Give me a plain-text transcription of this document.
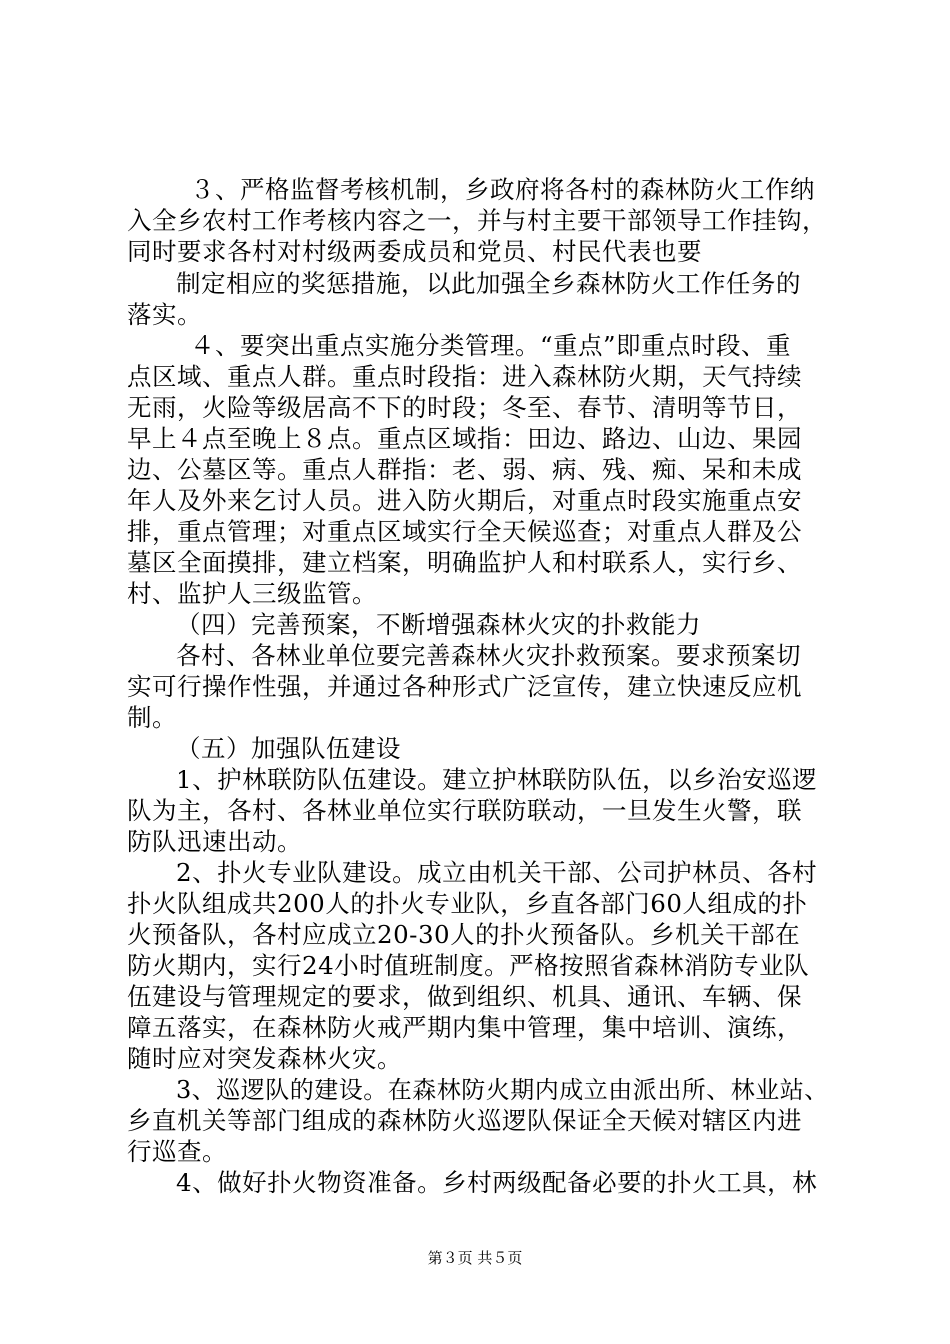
３、严格监督考核机制，乡政府将各村的森林防火工作纳
入全乡农村工作考核内容之一，并与村主要干部领导工作挂钩，
同时要求各村对村级两委成员和党员、村民代表也要
制定相应的奖惩措施，以此加强全乡森林防火工作任务的
落实。
４、要突出重点实施分类管理。“重点”即重点时段、重
点区域、重点人群。重点时段指：进入森林防火期，天气持续
无雨，火险等级居高不下的时段；冬至、春节、清明等节日，
早上４点至晚上８点。重点区域指：田边、路边、山边、果园
边、公墓区等。重点人群指：老、弱、病、残、痴、呆和未成
年人及外来乞讨人员。进入防火期后，对重点时段实施重点安
排，重点管理；对重点区域实行全天候巡查；对重点人群及公
墓区全面摸排，建立档案，明确监护人和村联系人，实行乡、
村、监护人三级监管。
（四）完善预案，不断增强森林火灾的扑救能力
各村、各林业单位要完善森林火灾扑救预案。要求预案切
实可行操作性强，并通过各种形式广泛宣传，建立快速反应机
制。
（五）加强队伍建设
1、护林联防队伍建设。建立护林联防队伍，以乡治安巡逻
队为主，各村、各林业单位实行联防联动，一旦发生火警，联
防队迅速出动。
2、扑火专业队建设。成立由机关干部、公司护林员、各村
扑火队组成共200人的扑火专业队，乡直各部门60人组成的扑
火预备队，各村应成立20-30人的扑火预备队。乡机关干部在
防火期内，实行24小时值班制度。严格按照省森林消防专业队
伍建设与管理规定的要求，做到组织、机具、通讯、车辆、保
障五落实，在森林防火戒严期内集中管理，集中培训、演练，
随时应对突发森林火灾。
3、巡逻队的建设。在森林防火期内成立由派出所、林业站、
乡直机关等部门组成的森林防火巡逻队保证全天候对辖区内进
行巡查。
4、做好扑火物资准备。乡村两级配备必要的扑火工具，林
第３页 共５页
